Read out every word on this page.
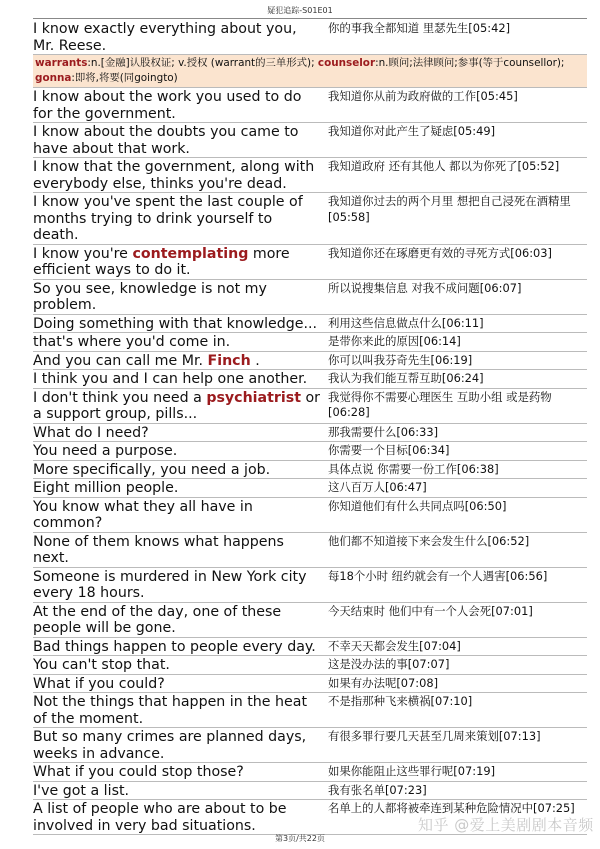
疑犯追踪-S01E01
I know exactly everything about you, Mr. Reese.
你的事我全都知道 里瑟先生[05:42]
warrants:n.[金融]认股权证; v.授权 (warrant的三单形式); counselor:n.顾问;法律顾问;参事(等于counsellor); gonna:即将,将要(同goingto)
I know about the work you used to do for the government.
我知道你从前为政府做的工作[05:45]
I know about the doubts you came to have about that work.
我知道你对此产生了疑虑[05:49]
I know that the government, along with everybody else, thinks you're dead.
我知道政府 还有其他人 都以为你死了[05:52]
I know you've spent the last couple of months trying to drink yourself to death.
我知道你过去的两个月里 想把自己浸死在酒精里[05:58]
I know you're contemplating more efficient ways to do it.
我知道你还在琢磨更有效的寻死方式[06:03]
So you see, knowledge is not my problem.
所以说搜集信息 对我不成问题[06:07]
Doing something with that knowledge... 利用这些信息做点什么[06:11]
that's where you'd come in.	是带你来此的原因[06:14]
And you can call me Mr. Finch .	你可以叫我芬奇先生[06:19]
I think you and I can help one another.	我认为我们能互帮互助[06:24]
I don't think you need a psychiatrist or a support group, pills...
我觉得你不需要心理医生 互助小组 或是药物[06:28]
What do I need?	那我需要什么[06:33]
You need a purpose.	你需要一个目标[06:34]
More specifically, you need a job.	具体点说 你需要一份工作[06:38]
Eight million people.	这八百万人[06:47]
You know what they all have in common?
你知道他们有什么共同点吗[06:50]
None of them knows what happens next.
他们都不知道接下来会发生什么[06:52]
Someone is murdered in New York city every 18 hours.
每18个小时 纽约就会有一个人遇害[06:56]
At the end of the day, one of these people will be gone.
今天结束时 他们中有一个人会死[07:01]
Bad things happen to people every day.	不幸天天都会发生[07:04]
You can't stop that.	这是没办法的事[07:07]
What if you could?	如果有办法呢[07:08]
Not the things that happen in the heat of the moment.
不是指那种飞来横祸[07:10]
But so many crimes are planned days, weeks in advance.
有很多罪行要几天甚至几周来策划[07:13]
What if you could stop those?	如果你能阻止这些罪行呢[07:19]
I've got a list.	我有张名单[07:23]
A list of people who are about to be involved in very bad situations.
名单上的人都将被牵连到某种危险情况中[07:25]
知乎 @爱上美剧剧本音频
第3页/共22页
